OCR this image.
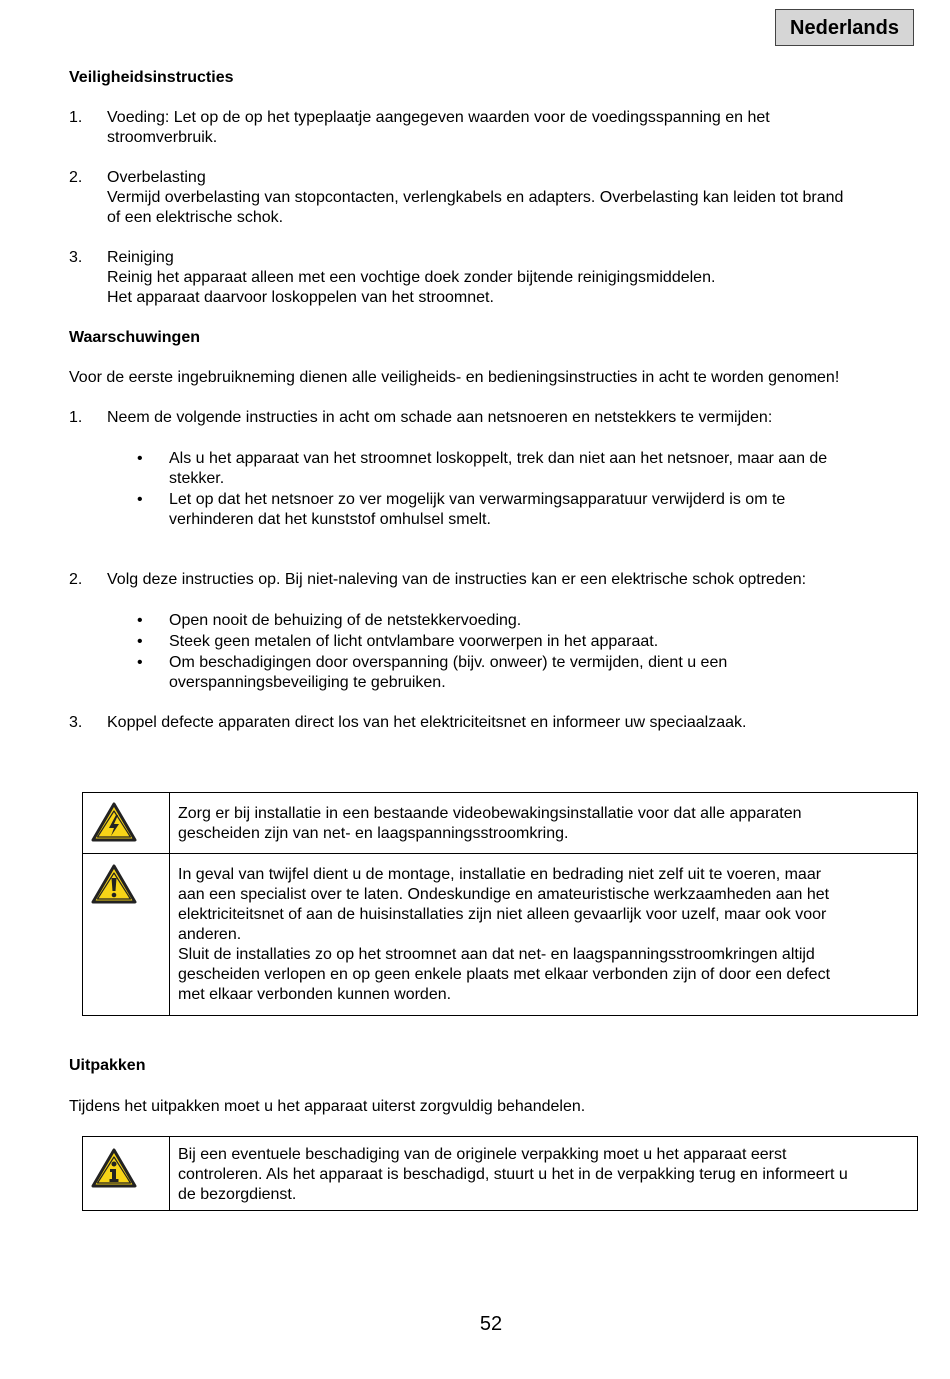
Nederlands
Veiligheidsinstructies
1.	Voeding: Let op de op het typeplaatje aangegeven waarden voor de voedingsspanning en het
stroomverbruik.
2.	Overbelasting
Vermijd overbelasting van stopcontacten, verlengkabels en adapters. Overbelasting kan leiden tot brand
of een elektrische schok.
3.	Reiniging
Reinig het apparaat alleen met een vochtige doek zonder bijtende reinigingsmiddelen.
Het apparaat daarvoor loskoppelen van het stroomnet.
Waarschuwingen
Voor de eerste ingebruikneming dienen alle veiligheids- en bedieningsinstructies in acht te worden genomen!
1.	Neem de volgende instructies in acht om schade aan netsnoeren en netstekkers te vermijden:
• Als u het apparaat van het stroomnet loskoppelt, trek dan niet aan het netsnoer, maar aan de
stekker.
• Let op dat het netsnoer zo ver mogelijk van verwarmingsapparatuur verwijderd is om te
verhinderen dat het kunststof omhulsel smelt.
2.	Volg deze instructies op. Bij niet-naleving van de instructies kan er een elektrische schok optreden:
• Open nooit de behuizing of de netstekkervoeding.
• Steek geen metalen of licht ontvlambare voorwerpen in het apparaat.
• Om beschadigingen door overspanning (bijv. onweer) te vermijden, dient u een
overspanningsbeveiliging te gebruiken.
3.	Koppel defecte apparaten direct los van het elektriciteitsnet en informeer uw speciaalzaak.
Zorg er bij installatie in een bestaande videobewakingsinstallatie voor dat alle apparaten
gescheiden zijn van net- en laagspanningsstroomkring.
In geval van twijfel dient u de montage, installatie en bedrading niet zelf uit te voeren, maar
aan een specialist over te laten. Ondeskundige en amateuristische werkzaamheden aan het
elektriciteitsnet of aan de huisinstallaties zijn niet alleen gevaarlijk voor uzelf, maar ook voor
anderen.
Sluit de installaties zo op het stroomnet aan dat net- en laagspanningsstroomkringen altijd
gescheiden verlopen en op geen enkele plaats met elkaar verbonden zijn of door een defect
met elkaar verbonden kunnen worden.
Uitpakken
Tijdens het uitpakken moet u het apparaat uiterst zorgvuldig behandelen.
Bij een eventuele beschadiging van de originele verpakking moet u het apparaat eerst
controleren. Als het apparaat is beschadigd, stuurt u het in de verpakking terug en informeert u
de bezorgdienst.
52
